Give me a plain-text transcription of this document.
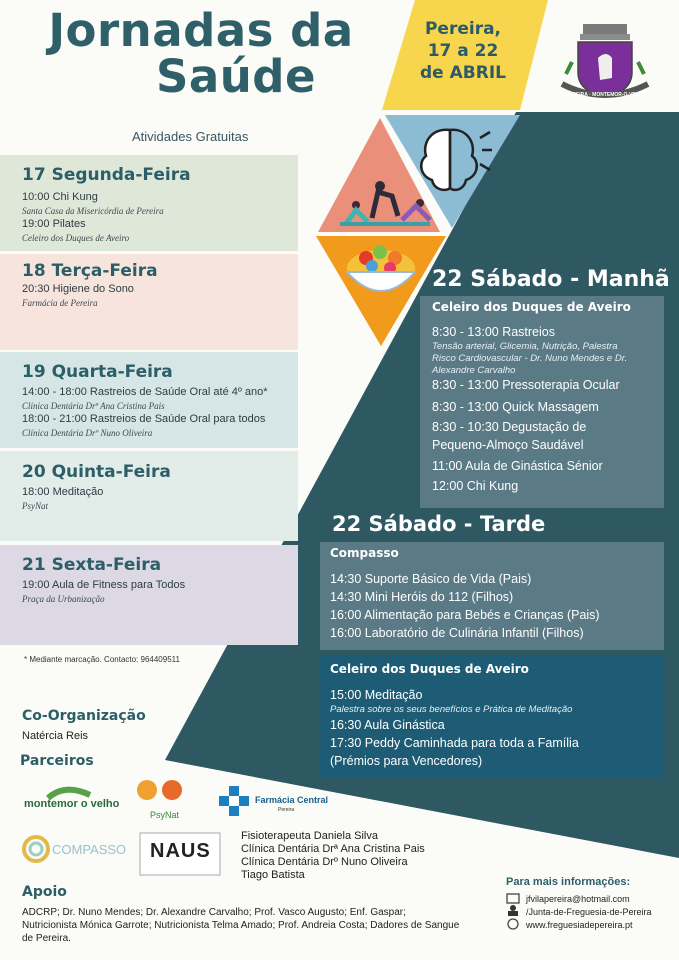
Jornadas da
Saúde
Atividades Gratuitas
Pereira,
17 a 22
de ABRIL
PEREIRA · MONTEMOR-O-VELHO
17 Segunda-Feira
10:00 Chi Kung
Santa Casa da Misericórdia de Pereira
19:00 Pilates
Celeiro dos Duques de Aveiro
18 Terça-Feira
20:30 Higiene do Sono
Farmácia de Pereira
19 Quarta-Feira
14:00 - 18:00 Rastreios de Saúde Oral até 4º ano*
Clínica Dentária Drª Ana Cristina Pais
18:00 - 21:00 Rastreios de Saúde Oral para todos
Clínica Dentária Drº Nuno Oliveira
20 Quinta-Feira
18:00 Meditação
PsyNat
21 Sexta-Feira
19:00 Aula de Fitness para Todos
Praça da Urbanização
* Mediante marcação. Contacto: 964409511
22 Sábado - Manhã
Celeiro dos Duques de Aveiro
8:30 - 13:00 Rastreios
Tensão arterial, Glicemia, Nutrição, Palestra Risco Cardiovascular - Dr. Nuno Mendes e Dr. Alexandre Carvalho
8:30 - 13:00 Pressoterapia Ocular
8:30 - 13:00 Quick Massagem
8:30 - 10:30 Degustação de Pequeno-Almoço Saudável
11:00 Aula de Ginástica Sénior
12:00 Chi Kung
22 Sábado - Tarde
Compasso
14:30 Suporte Básico de Vida (Pais)
14:30 Mini Heróis do 112 (Filhos)
16:00 Alimentação para Bebés e Crianças (Pais)
16:00 Laboratório de Culinária Infantil (Filhos)
Celeiro dos Duques de Aveiro
15:00 Meditação
Palestra sobre os seus benefícios e Prática de Meditação
16:30 Aula Ginástica
17:30 Peddy Caminhada para toda a Família (Prémios para Vencedores)
Co-Organização
Natércia Reis
Parceiros
montemor o velho
PsyNat
Farmácia Central
Pereira
COMPASSO NAUS
Fisioterapeuta Daniela Silva
Clínica Dentária Drª Ana Cristina Pais
Clínica Dentária Drº Nuno Oliveira
Tiago Batista
Apoio
ADCRP; Dr. Nuno Mendes; Dr. Alexandre Carvalho; Prof. Vasco Augusto; Enf. Gaspar; Nutricionista Mónica Garrote; Nutricionista Telma Amado; Prof. Andreia Costa; Dadores de Sangue de Pereira.
Para mais informações:
jfvilapereira@hotmail.com
/Junta-de-Freguesia-de-Pereira
www.freguesiadepereira.pt
